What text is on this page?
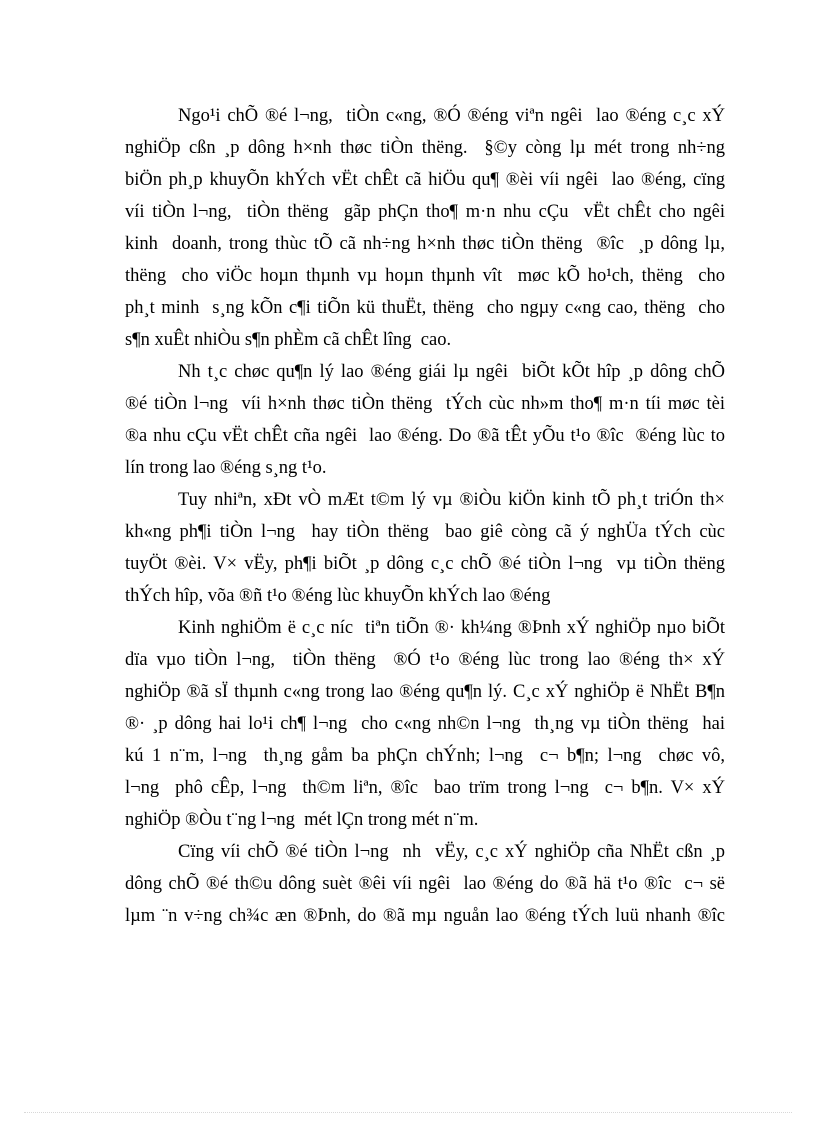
Ngo¹i chÕ ®é l¬ng,  tiÒn c«ng, ®Ó ®éng viªn ngêi  lao ®éng c¸c xÝ
nghiÖp cßn ¸p dông h×nh thøc tiÒn thëng.  §©y còng lµ mét trong nh÷ng
biÖn ph¸p khuyÕn khÝch vËt chÊt cã hiÖu qu¶ ®èi víi ngêi  lao ®éng, cïng
víi tiÒn l¬ng,  tiÒn thëng  gãp phÇn tho¶ m·n nhu cÇu  vËt chÊt cho ngêi
kinh  doanh, trong thùc tÕ cã nh÷ng h×nh thøc tiÒn thëng  ®îc  ¸p dông lµ,
thëng  cho viÖc hoµn thµnh vµ hoµn thµnh vît  møc kÕ ho¹ch, thëng  cho
ph¸t minh  s¸ng kÕn c¶i tiÕn kü thuËt, thëng  cho ngµy c«ng cao, thëng  cho
s¶n xuÊt nhiÒu s¶n phÈm cã chÊt lîng  cao.
Nh t¸c chøc qu¶n lý lao ®éng giái lµ ngêi  biÕt kÕt hîp ¸p dông chÕ
®é tiÒn l¬ng  víi h×nh thøc tiÒn thëng  tÝch cùc nh»m tho¶ m·n tíi møc tèi
®a nhu cÇu vËt chÊt cña ngêi  lao ®éng. Do ®ã tÊt yÕu t¹o ®îc  ®éng lùc to
lín trong lao ®éng s¸ng t¹o.
Tuy nhiªn, xÐt vÒ mÆt t©m lý vµ ®iÒu kiÖn kinh tÕ ph¸t triÓn th×
kh«ng ph¶i tiÒn l¬ng  hay tiÒn thëng  bao giê còng cã ý nghÜa tÝch cùc
tuyÖt ®èi. V× vËy, ph¶i biÕt ¸p dông c¸c chÕ ®é tiÒn l¬ng  vµ tiÒn thëng
thÝch hîp, võa ®ñ t¹o ®éng lùc khuyÕn khÝch lao ®éng
Kinh nghiÖm ë c¸c níc  tiªn tiÕn ®· kh¼ng ®Þnh xÝ nghiÖp nµo biÕt
dïa vµo tiÒn l¬ng,  tiÒn thëng  ®Ó t¹o ®éng lùc trong lao ®éng th× xÝ
nghiÖp ®ã sÏ thµnh c«ng trong lao ®éng qu¶n lý. C¸c xÝ nghiÖp ë NhËt B¶n
®· ¸p dông hai lo¹i ch¶ l¬ng  cho c«ng nh©n l¬ng  th¸ng vµ tiÒn thëng  hai
kú 1 n¨m, l¬ng  th¸ng gåm ba phÇn chÝnh; l¬ng  c¬ b¶n; l¬ng  chøc vô,
l¬ng  phô cÊp, l¬ng  th©m liªn, ®îc  bao trïm trong l¬ng  c¬ b¶n. V× xÝ
nghiÖp ®Òu t¨ng l¬ng  mét lÇn trong mét n¨m.
Cïng víi chÕ ®é tiÒn l¬ng  nh  vËy, c¸c xÝ nghiÖp cña NhËt cßn ¸p
dông chÕ ®é th©u dông suèt ®êi víi ngêi  lao ®éng do ®ã hä t¹o ®îc  c¬ së
lµm ¨n v÷ng ch¾c æn ®Þnh, do ®ã mµ nguån lao ®éng tÝch luü nhanh ®îc
